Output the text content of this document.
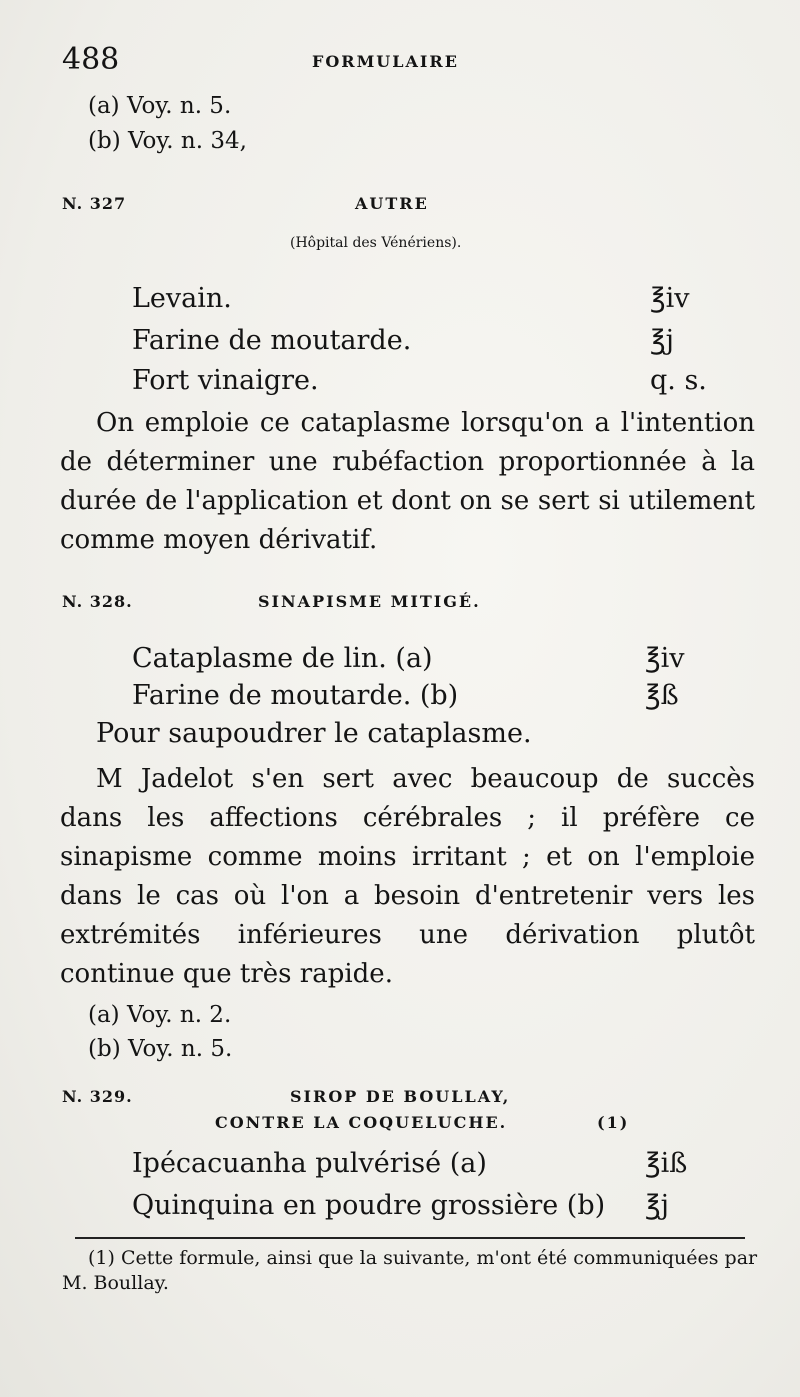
488	FORMULAIRE
(a) Voy. n. 5.
(b) Voy. n. 34,
N. 327	AUTRE
(Hôpital des Vénériens).
Levain.	℥iv
Farine de moutarde.	℥j
Fort vinaigre.	q. s.
On emploie ce cataplasme lorsqu'on a l'intention de déterminer une rubéfaction proportionnée à la durée de l'application et dont on se sert si utilement comme moyen dérivatif.
N. 328.	SINAPISME MITIGÉ.
Cataplasme de lin. (a)	℥iv
Farine de moutarde. (b)	℥ß
Pour saupoudrer le cataplasme.
M Jadelot s'en sert avec beaucoup de succès dans les affections cérébrales ; il préfère ce sinapisme comme moins irritant ; et on l'emploie dans le cas où l'on a besoin d'entretenir vers les extrémités inférieures une dérivation plutôt continue que très rapide.
(a) Voy. n. 2.
(b) Voy. n. 5.
N. 329.	SIROP DE BOULLAY,
CONTRE LA COQUELUCHE.	(1)
Ipécacuanha pulvérisé (a)	℥iß
Quinquina en poudre grossière (b) ℥j
(1) Cette formule, ainsi que la suivante, m'ont été communiquées par M. Boullay.
